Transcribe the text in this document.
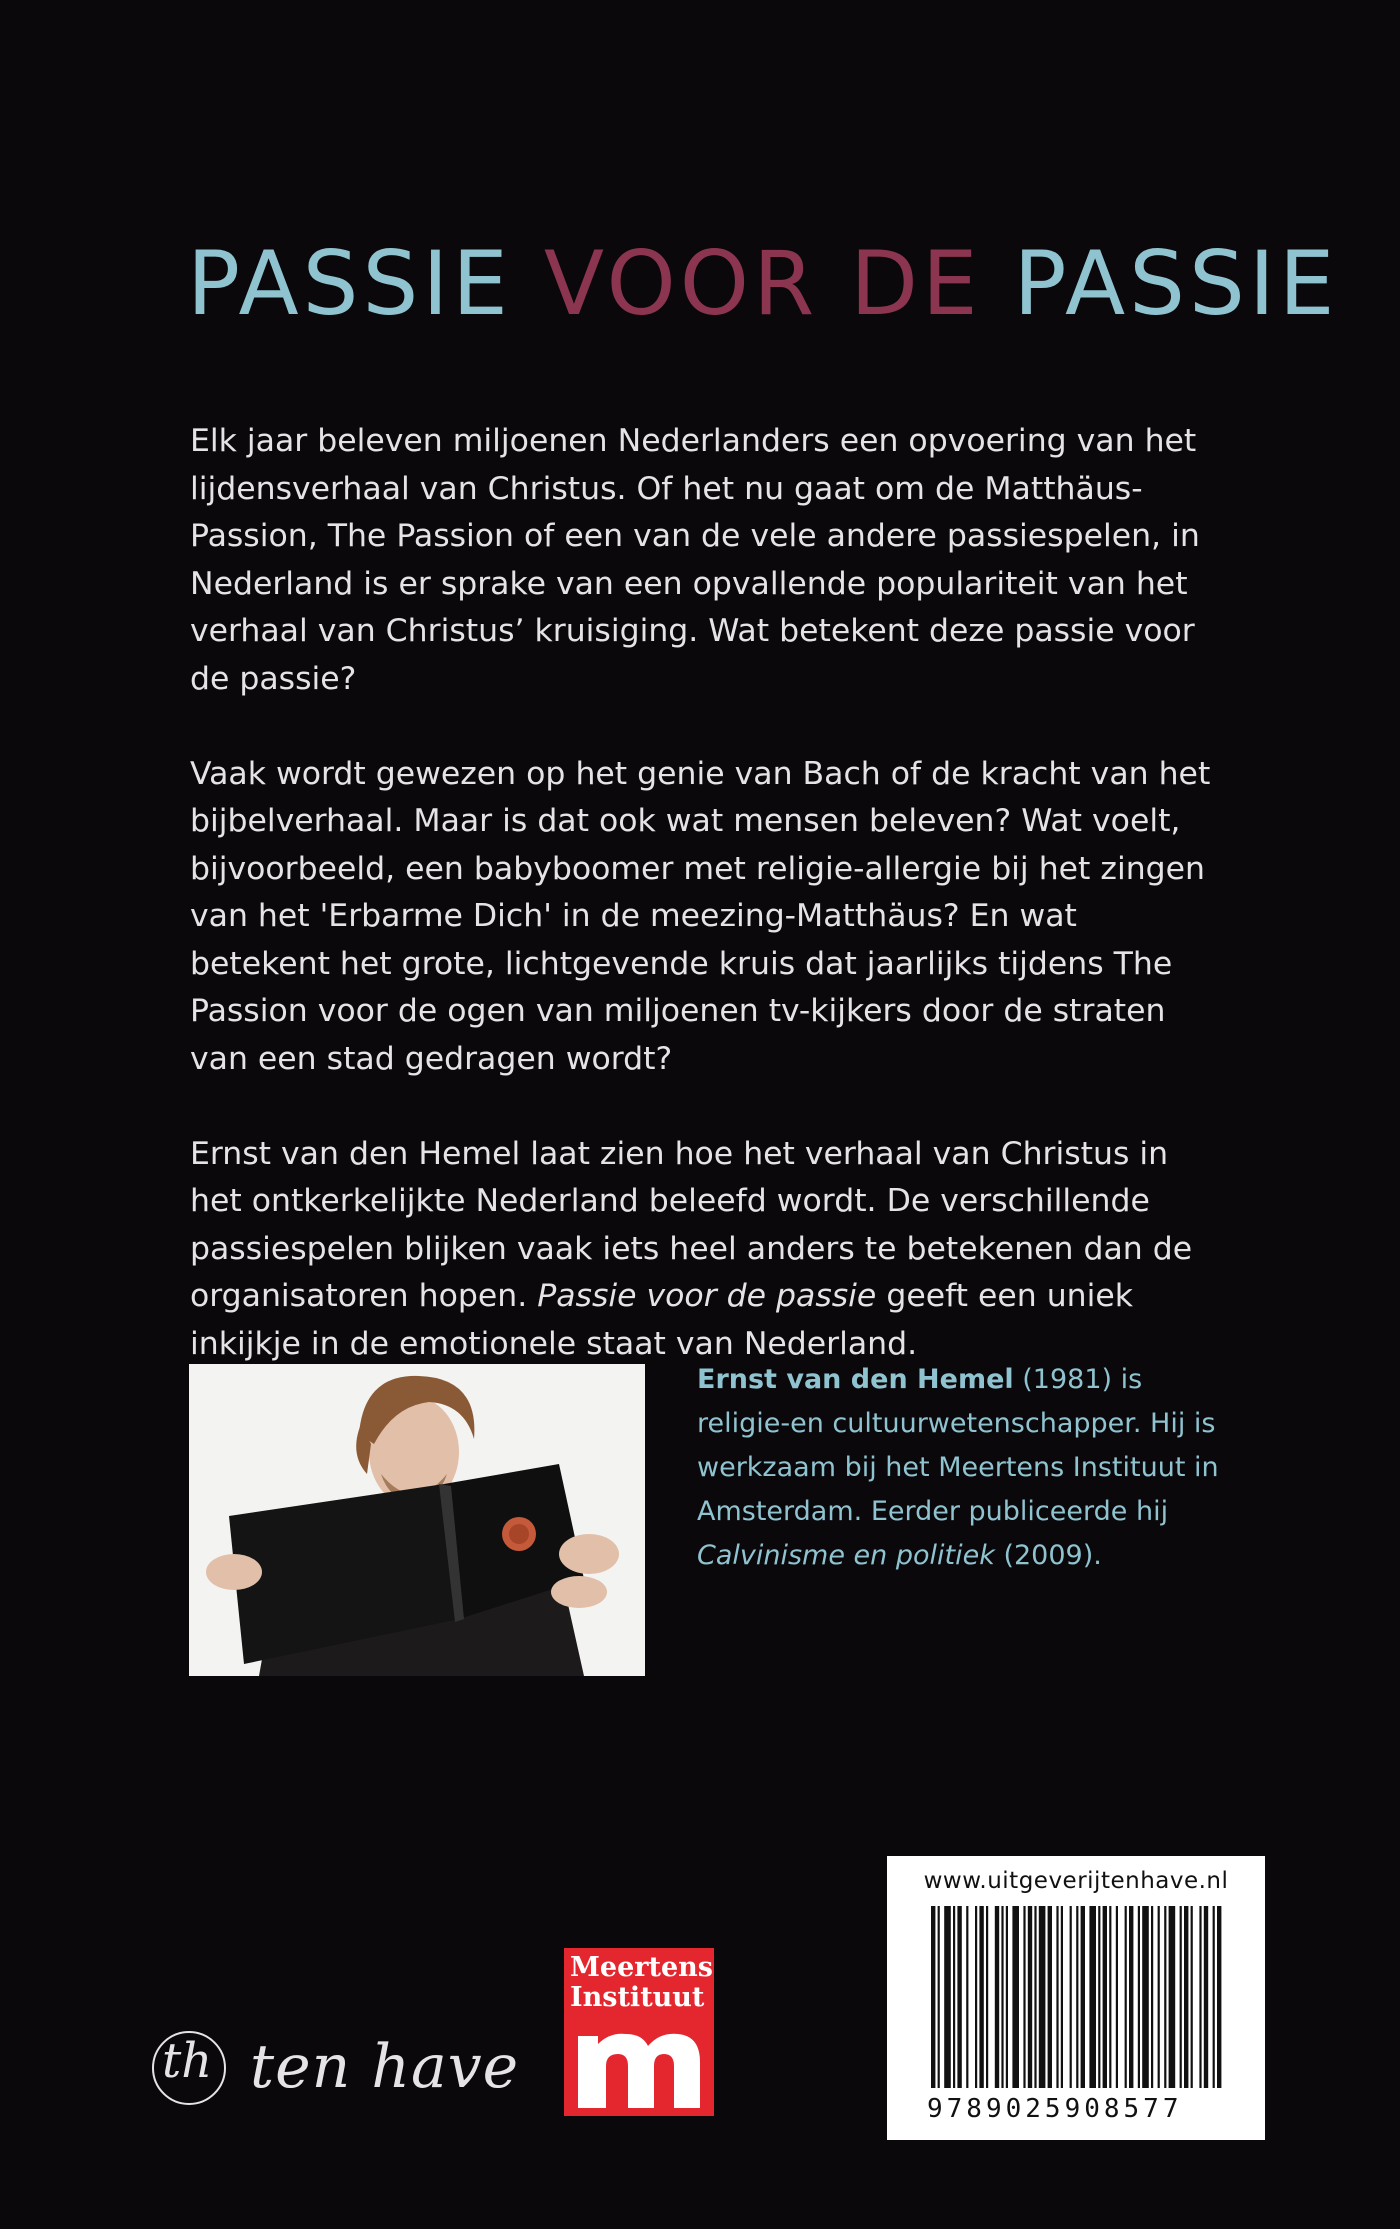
PASSIE VOOR DE PASSIE

Elk jaar beleven miljoenen Nederlanders een opvoering van het lijdensverhaal van Christus. Of het nu gaat om de Matthäus-Passion, The Passion of een van de vele andere passiespelen, in Nederland is er sprake van een opvallende populariteit van het verhaal van Christus’ kruisiging. Wat betekent deze passie voor de passie?

Vaak wordt gewezen op het genie van Bach of de kracht van het bijbelverhaal. Maar is dat ook wat mensen beleven? Wat voelt, bijvoorbeeld, een babyboomer met religie-allergie bij het zingen van het 'Erbarme Dich' in de meezing-Matthäus? En wat betekent het grote, lichtgevende kruis dat jaarlijks tijdens The Passion voor de ogen van miljoenen tv-kijkers door de straten van een stad gedragen wordt?

Ernst van den Hemel laat zien hoe het verhaal van Christus in het ontkerkelijkte Nederland beleefd wordt. De verschillende passiespelen blijken vaak iets heel anders te betekenen dan de organisatoren hopen. Passie voor de passie geeft een uniek inkijkje in de emotionele staat van Nederland.

Ernst van den Hemel (1981) is religie-en cultuurwetenschapper. Hij is werkzaam bij het Meertens Instituut in Amsterdam. Eerder publiceerde hij Calvinisme en politiek (2009).
th ten have
Meertens
Instituut
www.uitgeverijtenhave.nl
9789025908577
